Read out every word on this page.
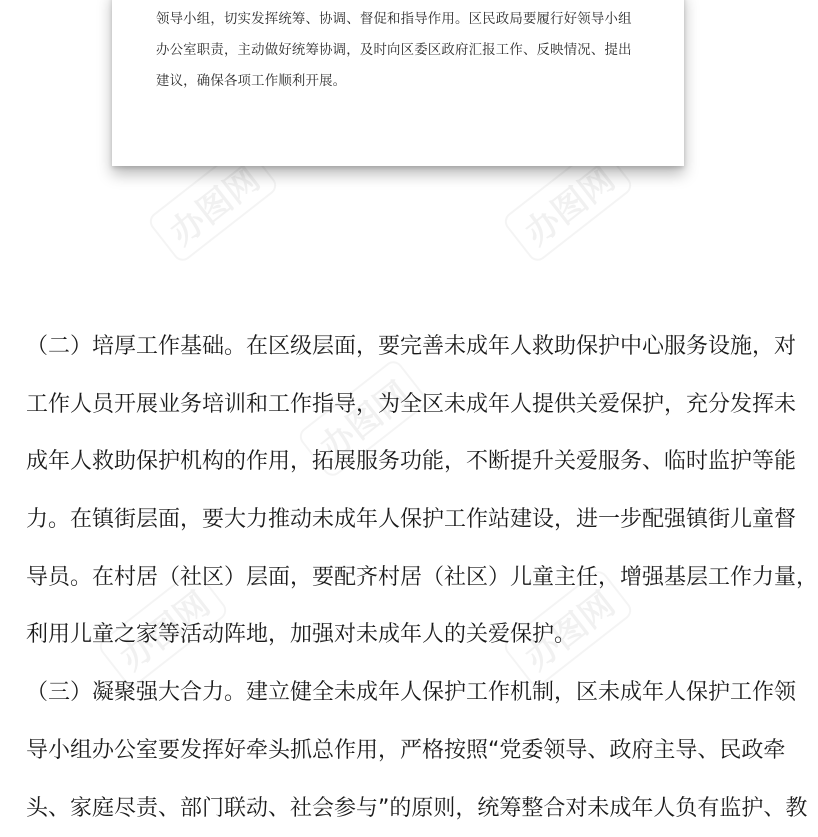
办图网	办图网
办图网
办图网	办图网
领导小组，切实发挥统筹、协调、督促和指导作用。区民政局要履行好领导小组
办公室职责，主动做好统筹协调，及时向区委区政府汇报工作、反映情况、提出
建议，确保各项工作顺利开展。
（二）培厚工作基础。在区级层面，要完善未成年人救助保护中心服务设施，对
工作人员开展业务培训和工作指导，为全区未成年人提供关爱保护，充分发挥未
成年人救助保护机构的作用，拓展服务功能，不断提升关爱服务、临时监护等能
力。在镇街层面，要大力推动未成年人保护工作站建设，进一步配强镇街儿童督
导员。在村居（社区）层面，要配齐村居（社区）儿童主任，增强基层工作力量，
利用儿童之家等活动阵地，加强对未成年人的关爱保护。
（三）凝聚强大合力。建立健全未成年人保护工作机制，区未成年人保护工作领
导小组办公室要发挥好牵头抓总作用，严格按照“党委领导、政府主导、民政牵
头、家庭尽责、部门联动、社会参与”的原则，统筹整合对未成年人负有监护、教
